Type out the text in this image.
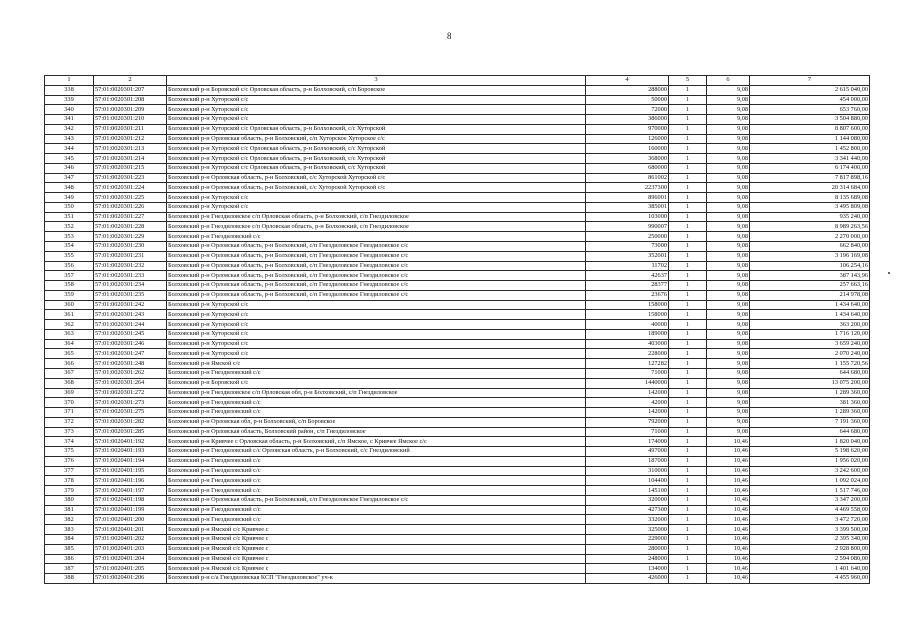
8
1	2	3	4	5	6	7
338	57:01:0020301:207	Болховский р-н Боровской с/с Орловская область, р-н Болховский, с/п Боровское	288000	1	9,08	2 615 040,00
339	57:01:0020301:208	Болховский р-н Хуторской с/с	50000	1	9,08	454 000,00
340	57:01:0020301:209	Болховский р-н Хуторской с/с	72000	1	9,08	653 760,00
341	57:01:0020301:210	Болховский р-н Хуторской с/с	386000	1	9,08	3 504 880,00
342	57:01:0020301:211	Болховский р-н Хуторской с/с Орловская область, р-н Болховский, с/с Хуторской	970000	1	9,08	8 807 600,00
343	57:01:0020301:212	Болховский р-н Орловская область, р-н Болховский, с/п Хуторское Хуторское с/с	126000	1	9,08	1 144 080,00
344	57:01:0020301:213	Болховский р-н Хуторской с/с Орловская область, р-н Болховский, с/с Хуторской	160000	1	9,08	1 452 800,00
345	57:01:0020301:214	Болховский р-н Хуторской с/с Орловская область, р-н Болховский, с/с Хуторской	368000	1	9,08	3 341 440,00
346	57:01:0020301:215	Болховский р-н Хуторской с/с Орловская область, р-н Болховский, с/с Хуторской	680000	1	9,08	6 174 400,00
347	57:01:0020301:223	Болховский р-н Орловская область, р-н Болховский, с/с Хуторской Хуторской с/с	861002	1	9,08	7 817 898,16
348	57:01:0020301:224	Болховский р-н Орловская область, р-н Болховский, с/с Хуторской Хуторской с/с	2237300	1	9,08	20 314 684,00
349	57:01:0020301:225	Болховский р-н Хуторской с/с	896001	1	9,08	8 135 689,08
350	57:01:0020301:226	Болховский р-н Хуторской с/с	385001	1	9,08	3 495 809,08
351	57:01:0020301:227	Болховский р-н Гнездиловское с/п Орловская область, р-н Болховский, с/п Гнездиловское	103000	1	9,08	935 240,00
352	57:01:0020301:228	Болховский р-н Гнездиловское с/п Орловская область, р-н Болховский, с/п Гнездиловское	990007	1	9,08	8 989 263,56
353	57:01:0020301:229	Болховский р-н Гнездиловский с/с	250000	1	9,08	2 270 000,00
354	57:01:0020301:230	Болховский р-н Орловская область, р-н Болховский, с/п Гнездиловское Гнездиловское с/с	73000	1	9,08	662 840,00
355	57:01:0020301:231	Болховский р-н Орловская область, р-н Болховский, с/п Гнездиловское Гнездиловское с/с	352001	1	9,08	3 196 169,08
356	57:01:0020301:232	Болховский р-н Орловская область, р-н Болховский, с/п Гнездиловское Гнездиловское с/с	11702	1	9,08	106 254,16
357	57:01:0020301:233	Болховский р-н Орловская область, р-н Болховский, с/п Гнездиловское Гнездиловское с/с	42637	1	9,08	387 143,96
358	57:01:0020301:234	Болховский р-н Орловская область, р-н Болховский, с/п Гнездиловское Гнездиловское с/с	28377	1	9,08	257 663,16
359	57:01:0020301:235	Болховский р-н Орловская область, р-н Болховский, с/п Гнездиловское Гнездиловское с/с	23676	1	9,08	214 978,08
360	57:01:0020301:242	Болховский р-н Хуторской с/с	158000	1	9,08	1 434 640,00
361	57:01:0020301:243	Болховский р-н Хуторской с/с	158000	1	9,08	1 434 640,00
362	57:01:0020301:244	Болховский р-н Хуторской с/с	40000	1	9,08	363 200,00
363	57:01:0020301:245	Болховский р-н Хуторской с/с	189000	1	9,08	1 716 120,00
364	57:01:0020301:246	Болховский р-н Хуторской с/с	403000	1	9,08	3 659 240,00
365	57:01:0020301:247	Болховский р-н Хуторской с/с	228000	1	9,08	2 070 240,00
366	57:01:0020301:248	Болховский р-н Ямской с/с	127282	1	9,08	1 155 720,56
367	57:01:0020301:262	Болховский р-н Гнездиловский с/с	71000	1	9,08	644 680,00
368	57:01:0020301:264	Болховский р-н Боровской с/с	1440000	1	9,08	13 075 200,00
369	57:01:0020301:272	Болховский р-н Гнездиловское с/п Орловская обл, р-н Болховский, с/п Гнездиловское	142000	1	9,08	1 289 360,00
370	57:01:0020301:273	Болховский р-н Гнездиловский с/с	42000	1	9,08	381 360,00
371	57:01:0020301:275	Болховский р-н Гнездиловский с/с	142000	1	9,08	1 289 360,00
372	57:01:0020301:282	Болховский р-н Орловская обл, р-н Болховский, с/п Боровское	792000	1	9,08	7 191 360,00
373	57:01:0020301:285	Болховский р-н Орловская область, Болховский район, с/п Гнездиловское	71000	1	9,08	644 680,00
374	57:01:0020401:192	Болховский р-н Кривчее с Орловская область, р-н Болховский, с/п Ямское, с Кривчее Ямское с/с	174000	1	10,46	1 820 040,00
375	57:01:0020401:193	Болховский р-н Гнездиловский с/с Орловская область, р-н Болховский, с/с Гнездиловский	497000	1	10,46	5 198 620,00
376	57:01:0020401:194	Болховский р-н Гнездиловский с/с	187000	1	10,46	1 956 020,00
377	57:01:0020401:195	Болховский р-н Гнездиловский с/с	310000	1	10,46	3 242 600,00
378	57:01:0020401:196	Болховский р-н Гнездиловский с/с	104400	1	10,46	1 092 024,00
379	57:01:0020401:197	Болховский р-н Гнездиловский с/с	145100	1	10,46	1 517 746,00
380	57:01:0020401:198	Болховский р-н Орловская область, р-н Болховский, с/п Гнездиловское Гнездиловское с/с	320000	1	10,46	3 347 200,00
381	57:01:0020401:199	Болховский р-н Гнездиловский с/с	427300	1	10,46	4 469 558,00
382	57:01:0020401:200	Болховский р-н Гнездиловский с/с	332000	1	10,46	3 472 720,00
383	57:01:0020401:201	Болховский р-н Ямской с/с Кривчее с	325000	1	10,46	3 399 500,00
384	57:01:0020401:202	Болховский р-н Ямской с/с Кривчее с	229000	1	10,46	2 395 340,00
385	57:01:0020401:203	Болховский р-н Ямской с/с Кривчее с	280000	1	10,46	2 928 800,00
386	57:01:0020401:204	Болховский р-н Ямской с/с Кривчее с	248000	1	10,46	2 594 080,00
387	57:01:0020401:205	Болховский р-н Ямской с/с Кривчее с	134000	1	10,46	1 401 640,00
388	57:01:0020401:206	Болховский р-н с/а Гнездиловская КСП "Гнездиловское" уч-к	426000	1	10,46	4 455 960,00
